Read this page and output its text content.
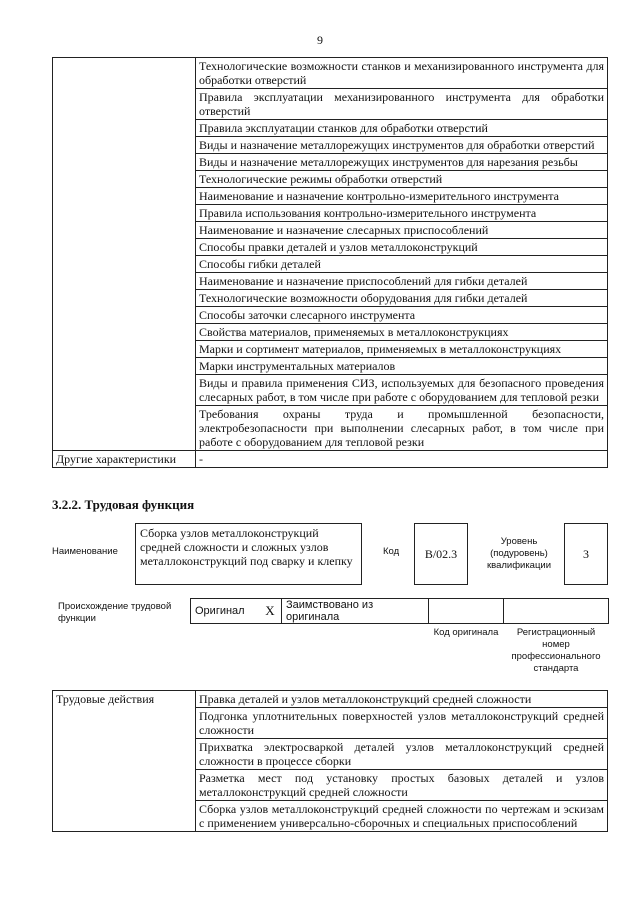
9
	Технологические возможности станков и механизированного инструмента для обработки отверстий
	Правила эксплуатации механизированного инструмента для обработки отверстий
	Правила эксплуатации станков для обработки отверстий
	Виды и назначение металлорежущих инструментов для обработки отверстий
	Виды и назначение металлорежущих инструментов для нарезания резьбы
	Технологические режимы обработки отверстий
	Наименование и назначение контрольно-измерительного инструмента
	Правила использования контрольно-измерительного инструмента
	Наименование и назначение слесарных приспособлений
	Способы правки деталей и узлов металлоконструкций
	Способы гибки деталей
	Наименование и назначение приспособлений для гибки деталей
	Технологические возможности оборудования для гибки деталей
	Способы заточки слесарного инструмента
	Свойства материалов, применяемых в металлоконструкциях
	Марки и сортимент материалов, применяемых в металлоконструкциях
	Марки инструментальных материалов
	Виды и правила применения СИЗ, используемых для безопасного проведения слесарных работ, в том числе при работе с оборудованием для тепловой резки
	Требования охраны труда и промышленной безопасности, электробезопасности при выполнении слесарных работ, в том числе при работе с оборудованием для тепловой резки
Другие характеристики	-
3.2.2. Трудовая функция
Наименование
Сборка узлов металлоконструкций средней сложности и сложных узлов металлоконструкций под сварку и клепку
Код	B/02.3
Уровень (подуровень) квалификации
3
Происхождение трудовой функции
Оригинал	X	Заимствовано из оригинала		
Код оригинала	Регистрационный номер профессионального стандарта
Трудовые действия	Правка деталей и узлов металлоконструкций средней сложности
Подгонка уплотнительных поверхностей узлов металлоконструкций средней сложности
Прихватка электросваркой деталей узлов металлоконструкций средней сложности в процессе сборки
Разметка мест под установку простых базовых деталей и узлов металлоконструкций средней сложности
Сборка узлов металлоконструкций средней сложности по чертежам и эскизам с применением универсально-сборочных и специальных приспособлений
